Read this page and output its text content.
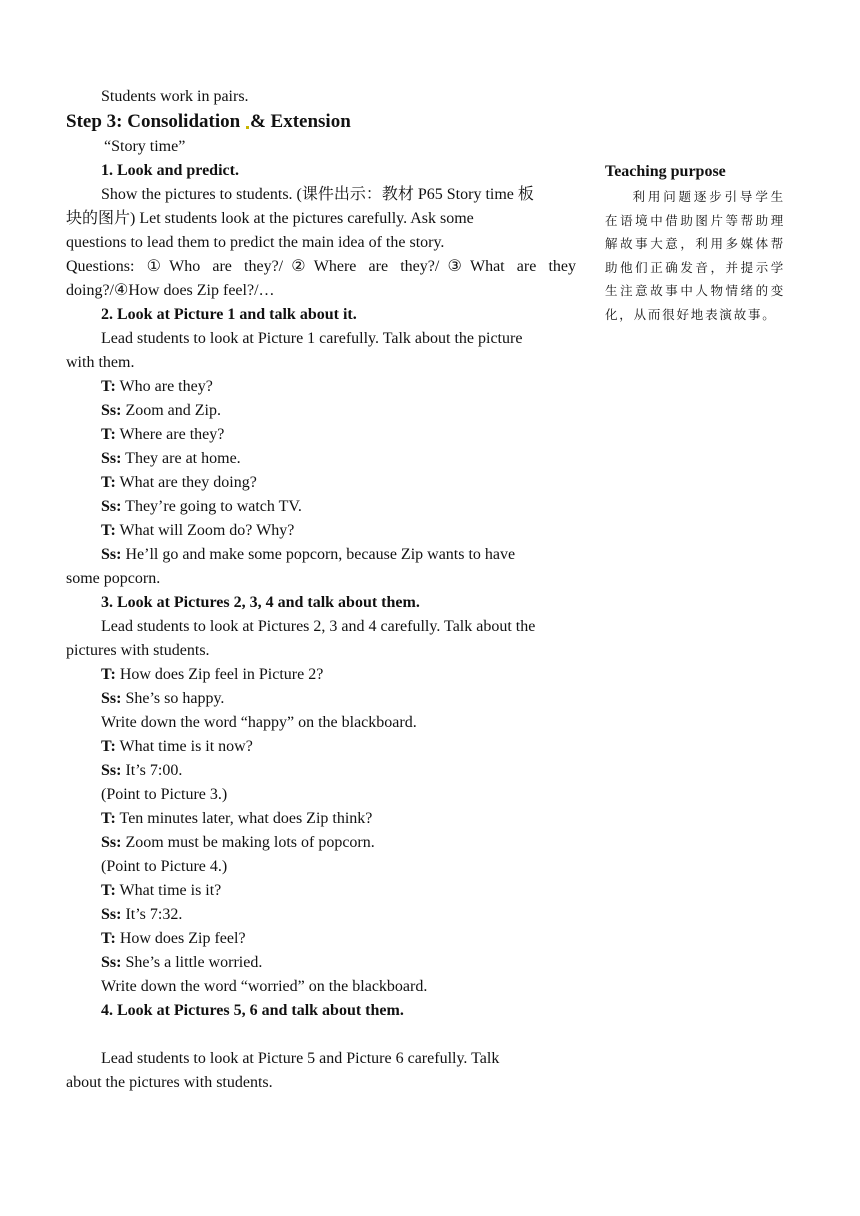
Students work in pairs.
Step 3: Consolidation & Extension
“Story time”
1. Look and predict.
Show the pictures to students. (课件出示：教材 P65 Story time 板
块的图片) Let students look at the pictures carefully. Ask some
questions to lead them to predict the main idea of the story.
Questions: ①Who are they?/②Where are they?/③What are they
doing?/④How does Zip feel?/…
2. Look at Picture 1 and talk about it.
Lead students to look at Picture 1 carefully. Talk about the picture
with them.
T: Who are they?
Ss: Zoom and Zip.
T: Where are they?
Ss: They are at home.
T: What are they doing?
Ss: They’re going to watch TV.
T: What will Zoom do? Why?
Ss: He’ll go and make some popcorn, because Zip wants to have
some popcorn.
3. Look at Pictures 2, 3, 4 and talk about them.
Lead students to look at Pictures 2, 3 and 4 carefully. Talk about the
pictures with students.
T: How does Zip feel in Picture 2?
Ss: She’s so happy.
Write down the word “happy” on the blackboard.
T: What time is it now?
Ss: It’s 7:00.
(Point to Picture 3.)
T: Ten minutes later, what does Zip think?
Ss: Zoom must be making lots of popcorn.
(Point to Picture 4.)
T: What time is it?
Ss: It’s 7:32.
T: How does Zip feel?
Ss: She’s a little worried.
Write down the word “worried” on the blackboard.
4. Look at Pictures 5, 6 and talk about them.
Lead students to look at Picture 5 and Picture 6 carefully. Talk
about the pictures with students.
Teaching purpose
利用问题逐步引导学生在语境中借助图片等帮助理解故事大意，利用多媒体帮助他们正确发音，并提示学生注意故事中人物情绪的变化，从而很好地表演故事。
